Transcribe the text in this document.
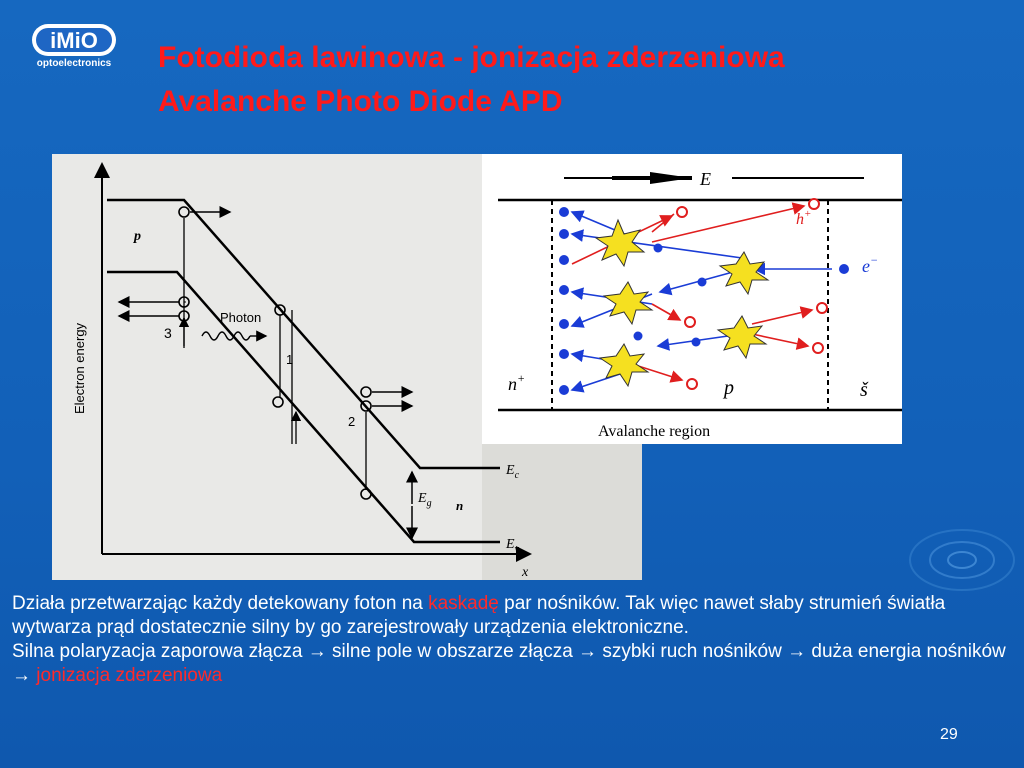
iMiO
optoelectronics Fotodioda lawinowa - jonizacja zderzeniowa
Avalanche Photo Diode APD
Electron energy
x
p
n
$E_c$
$E_v$
$E_g$
3
Photon
1
2
E
h+
e−
n+	p	š
Avalanche region

Działa przetwarzając każdy detekowany foton na kaskadę par nośników. Tak więc nawet słaby strumień światła wytwarza prąd dostatecznie silny by go zarejestrowały urządzenia elektroniczne.

Silna polaryzacja zaporowa złącza → silne pole w obszarze złącza → szybki ruch nośników → duża energia nośników → jonizacja zderzeniowa

29
